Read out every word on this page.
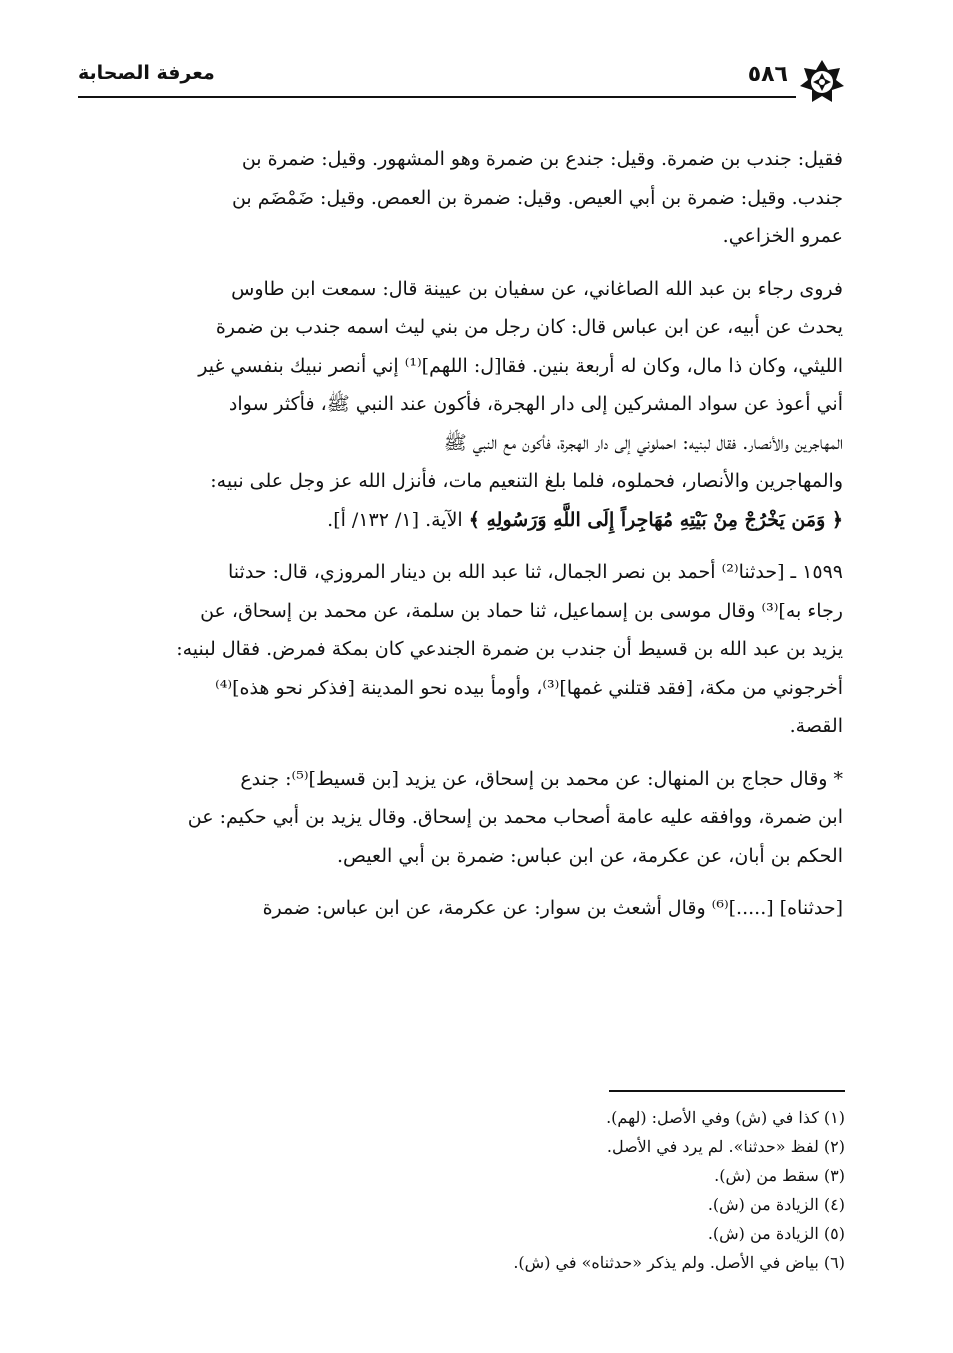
٥٨٦
معرفة الصحابة
فقيل: جندب بن ضمرة. وقيل: جندع بن ضمرة وهو المشهور. وقيل: ضمرة بن
جندب. وقيل: ضمرة بن أبي العيص. وقيل: ضمرة بن العمص. وقيل: ضَمْضَم بن
عمرو الخزاعي.
فروى رجاء بن عبد الله الصاغاني، عن سفيان بن عيينة قال: سمعت ابن طاوس
يحدث عن أبيه، عن ابن عباس قال: كان رجل من بني ليث اسمه جندب بن ضمرة
الليثي، وكان ذا مال، وكان له أربعة بنين. فقا[ل: اللهم]⁽¹⁾ إني أنصر نبيك بنفسي غير
أني أعوذ عن سواد المشركين إلى دار الهجرة، فأكون عند النبي ﷺ، فأكثر سواد
المهاجرين والأنصار. فقال لبنيه: احملوني إلى دار الهجرة، فأكون مع النبي ﷺ
والمهاجرين والأنصار، فحملوه، فلما بلغ التنعيم مات، فأنزل الله عز وجل على نبيه:
﴿ وَمَن يَخْرُجْ مِنْ بَيْتِهِ مُهَاجِراً إِلَى اللَّهِ وَرَسُولِهِ ﴾ الآية. [١/ ١٣٢/ أ].
١٥٩٩ ـ [حدثنا⁽²⁾ أحمد بن نصر الجمال، ثنا عبد الله بن دينار المروزي، قال: حدثنا
رجاء به]⁽³⁾ وقال موسى بن إسماعيل، ثنا حماد بن سلمة، عن محمد بن إسحاق، عن
يزيد بن عبد الله بن قسيط أن جندب بن ضمرة الجندعي كان بمكة فمرض. فقال لبنيه:
أخرجوني من مكة، [فقد قتلني غمها]⁽³⁾، وأومأ بيده نحو المدينة [فذكر نحو هذه]⁽⁴⁾
القصة.
* وقال حجاج بن المنهال: عن محمد بن إسحاق، عن يزيد [بن قسيط]⁽⁵⁾: جندع
ابن ضمرة، ووافقه عليه عامة أصحاب محمد بن إسحاق. وقال يزيد بن أبي حكيم: عن
الحكم بن أبان، عن عكرمة، عن ابن عباس: ضمرة بن أبي العيص.
[حدثناه] [.....]⁽⁶⁾ وقال أشعث بن سوار: عن عكرمة، عن ابن عباس: ضمرة
(١) كذا في (ش) وفي الأصل: (لهم).
(٢) لفظ «حدثنا». لم يرد في الأصل.
(٣) سقط من (ش).
(٤) الزيادة من (ش).
(٥) الزيادة من (ش).
(٦) بياض في الأصل. ولم يذكر «حدثناه» في (ش).
